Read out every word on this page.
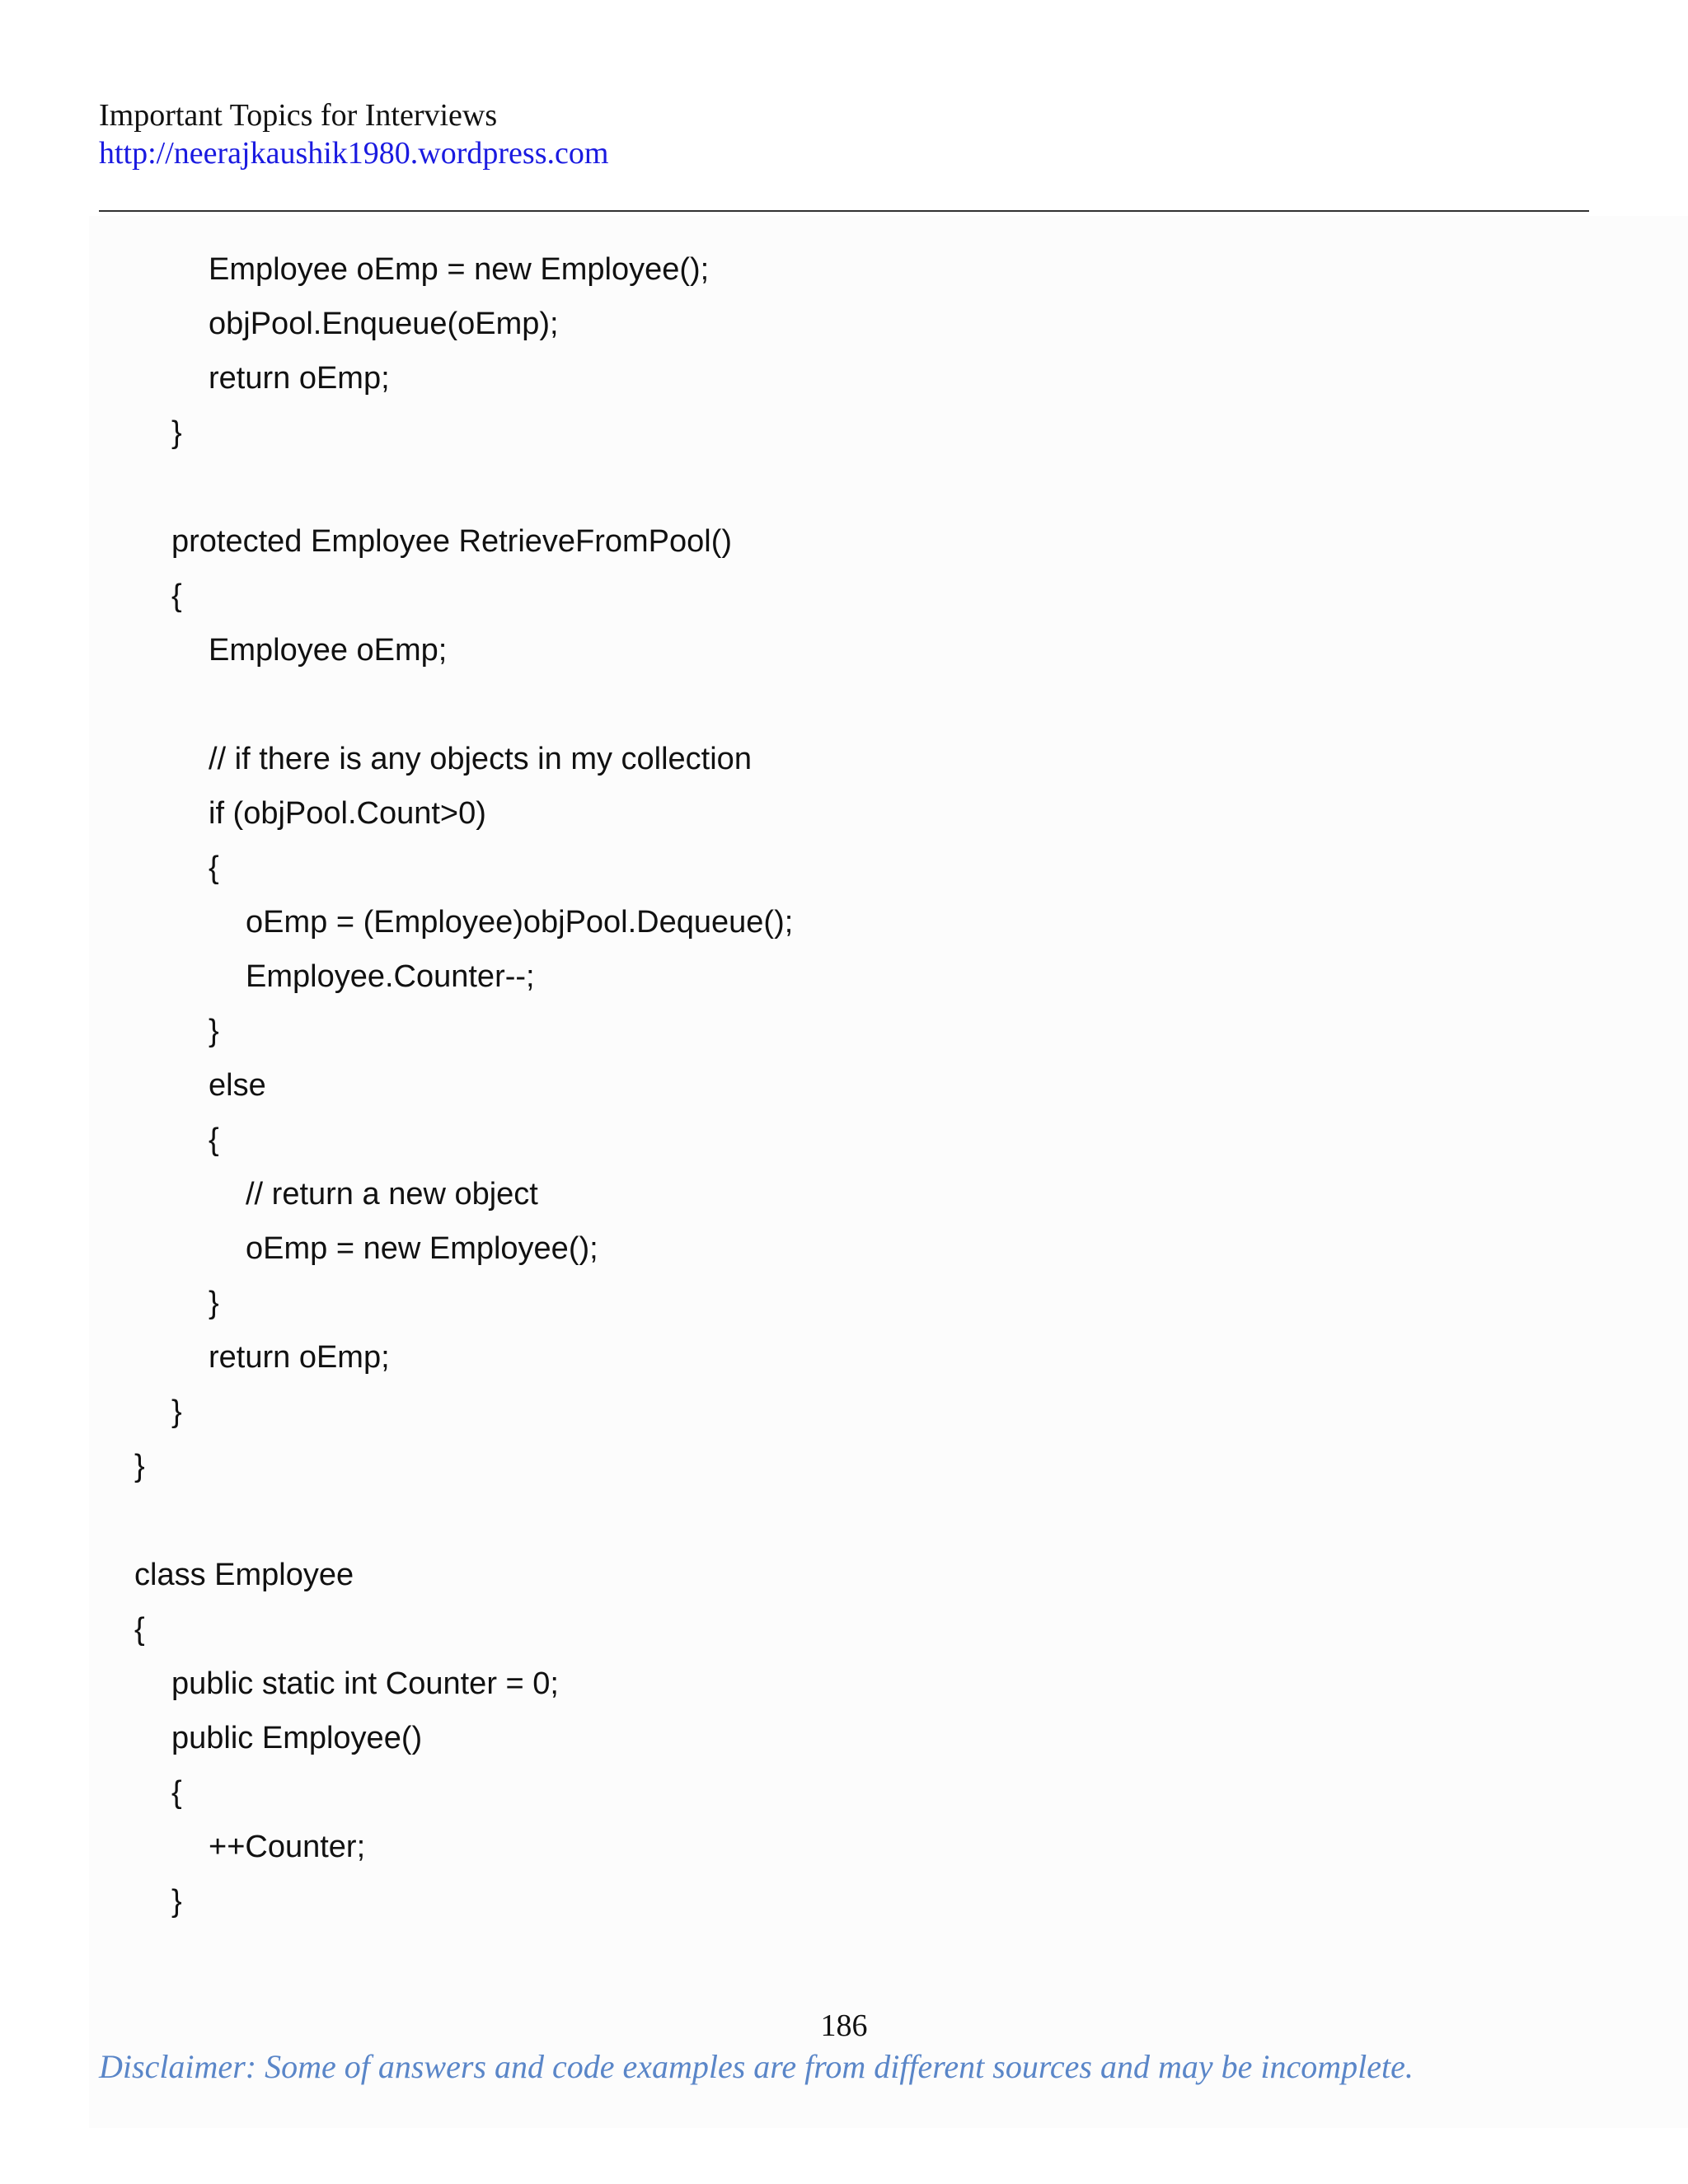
Important Topics for Interviews
http://neerajkaushik1980.wordpress.com
Employee oEmp = new Employee();
objPool.Enqueue(oEmp);
return oEmp;
}
protected Employee RetrieveFromPool()
{
Employee oEmp;
// if there is any objects in my collection
if (objPool.Count>0)
{
oEmp = (Employee)objPool.Dequeue();
Employee.Counter--;
}
else
{
// return a new object
oEmp = new Employee();
}
return oEmp;
}
}
class Employee
{
public static int Counter = 0;
public Employee()
{
++Counter;
}
186
Disclaimer: Some of answers and code examples are from different sources and may be incomplete.
